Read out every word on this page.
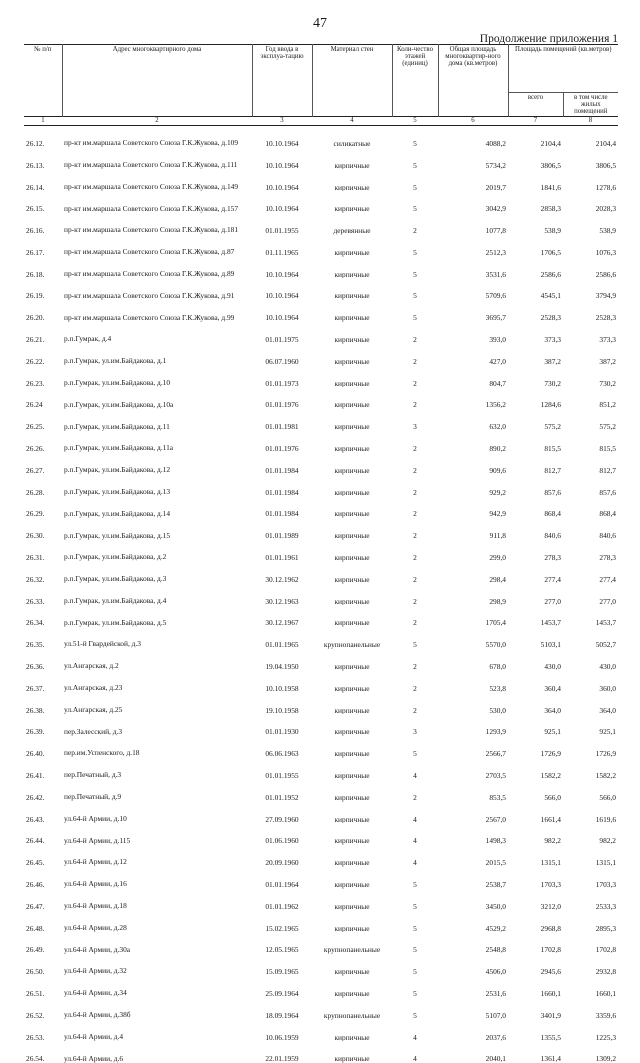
47
Продолжение приложения 1
№ п/п	Адрес многоквартирного дома	Год ввода в эксплуа-тацию	Материал стен	Коли-чество этажей (единиц)	Общая площадь многоквартир-ного дома (кв.метров)	Площадь помещений (кв.метров)	
						всего	в том числе жилых помещений
1	2	3	4	5	6	7	8
26.12.	пр-кт им.маршала Советского Союза Г.К.Жукова, д.109	10.10.1964	силикатные	5	4088,2	2104,4	2104,4
26.13.	пр-кт им.маршала Советского Союза Г.К.Жукова, д.111	10.10.1964	кирпичные	5	5734,2	3806,5	3806,5
26.14.	пр-кт им.маршала Советского Союза Г.К.Жукова, д.149	10.10.1964	кирпичные	5	2019,7	1841,6	1278,6
26.15.	пр-кт им.маршала Советского Союза Г.К.Жукова, д.157	10.10.1964	кирпичные	5	3042,9	2858,3	2028,3
26.16.	пр-кт им.маршала Советского Союза Г.К.Жукова, д.181	01.01.1955	деревянные	2	1077,8	538,9	538,9
26.17.	пр-кт им.маршала Советского Союза Г.К.Жукова, д.87	01.11.1965	кирпичные	5	2512,3	1706,5	1076,3
26.18.	пр-кт им.маршала Советского Союза Г.К.Жукова, д.89	10.10.1964	кирпичные	5	3531,6	2586,6	2586,6
26.19.	пр-кт им.маршала Советского Союза Г.К.Жукова, д.91	10.10.1964	кирпичные	5	5709,6	4545,1	3794,9
26.20.	пр-кт им.маршала Советского Союза Г.К.Жукова, д.99	10.10.1964	кирпичные	5	3695,7	2528,3	2528,3
26.21.	р.п.Гумрак, д.4	01.01.1975	кирпичные	2	393,0	373,3	373,3
26.22.	р.п.Гумрак, ул.им.Байдакова, д.1	06.07.1960	кирпичные	2	427,0	387,2	387,2
26.23.	р.п.Гумрак, ул.им.Байдакова, д.10	01.01.1973	кирпичные	2	804,7	730,2	730,2
26.24	р.п.Гумрак, ул.им.Байдакова, д.10а	01.01.1976	кирпичные	2	1356,2	1284,6	851,2
26.25.	р.п.Гумрак, ул.им.Байдакова, д.11	01.01.1981	кирпичные	3	632,0	575,2	575,2
26.26.	р.п.Гумрак, ул.им.Байдакова, д.11а	01.01.1976	кирпичные	2	890,2	815,5	815,5
26.27.	р.п.Гумрак, ул.им.Байдакова, д.12	01.01.1984	кирпичные	2	909,6	812,7	812,7
26.28.	р.п.Гумрак, ул.им.Байдакова, д.13	01.01.1984	кирпичные	2	929,2	857,6	857,6
26.29.	р.п.Гумрак, ул.им.Байдакова, д.14	01.01.1984	кирпичные	2	942,9	868,4	868,4
26.30.	р.п.Гумрак, ул.им.Байдакова, д.15	01.01.1989	кирпичные	2	911,8	840,6	840,6
26.31.	р.п.Гумрак, ул.им.Байдакова, д.2	01.01.1961	кирпичные	2	299,0	278,3	278,3
26.32.	р.п.Гумрак, ул.им.Байдакова, д.3	30.12.1962	кирпичные	2	298,4	277,4	277,4
26.33.	р.п.Гумрак, ул.им.Байдакова, д.4	30.12.1963	кирпичные	2	298,9	277,0	277,0
26.34.	р.п.Гумрак, ул.им.Байдакова, д.5	30.12.1967	кирпичные	2	1705,4	1453,7	1453,7
26.35.	ул.51-й Гвардейской, д.3	01.01.1965	крупнопанельные	5	5570,0	5103,1	5052,7
26.36.	ул.Ангарская, д.2	19.04.1950	кирпичные	2	678,0	430,0	430,0
26.37.	ул.Ангарская, д.23	10.10.1958	кирпичные	2	523,8	360,4	360,0
26.38.	ул.Ангарская, д.25	19.10.1958	кирпичные	2	530,0	364,0	364,0
26.39.	пер.Залесский, д.3	01.01.1930	кирпичные	3	1293,9	925,1	925,1
26.40.	пер.им.Успенского, д.18	06.06.1963	кирпичные	5	2566,7	1726,9	1726,9
26.41.	пер.Печатный, д.3	01.01.1955	кирпичные	4	2703,5	1582,2	1582,2
26.42.	пер.Печатный, д.9	01.01.1952	кирпичные	2	853,5	566,0	566,0
26.43.	ул.64-й Армии, д.10	27.09.1960	кирпичные	4	2567,0	1661,4	1619,6
26.44.	ул.64-й Армии, д.115	01.06.1960	кирпичные	4	1498,3	982,2	982,2
26.45.	ул.64-й Армии, д.12	20.09.1960	кирпичные	4	2015,5	1315,1	1315,1
26.46.	ул.64-й Армии, д.16	01.01.1964	кирпичные	5	2538,7	1703,3	1703,3
26.47.	ул.64-й Армии, д.18	01.01.1962	кирпичные	5	3450,0	3212,0	2533,3
26.48.	ул.64-й Армии, д.28	15.02.1965	кирпичные	5	4529,2	2968,8	2895,3
26.49.	ул.64-й Армии, д.30а	12.05.1965	крупнопанельные	5	2548,8	1702,8	1702,8
26.50.	ул.64-й Армии, д.32	15.09.1965	кирпичные	5	4506,0	2945,6	2932,8
26.51.	ул.64-й Армии, д.34	25.09.1964	кирпичные	5	2531,6	1660,1	1660,1
26.52.	ул.64-й Армии, д.38б	18.09.1964	крупнопанельные	5	5107,0	3401,9	3359,6
26.53.	ул.64-й Армии, д.4	10.06.1959	кирпичные	4	2037,6	1355,5	1225,3
26.54.	ул.64-й Армии, д.6	22.01.1959	кирпичные	4	2040,1	1361,4	1309,2
